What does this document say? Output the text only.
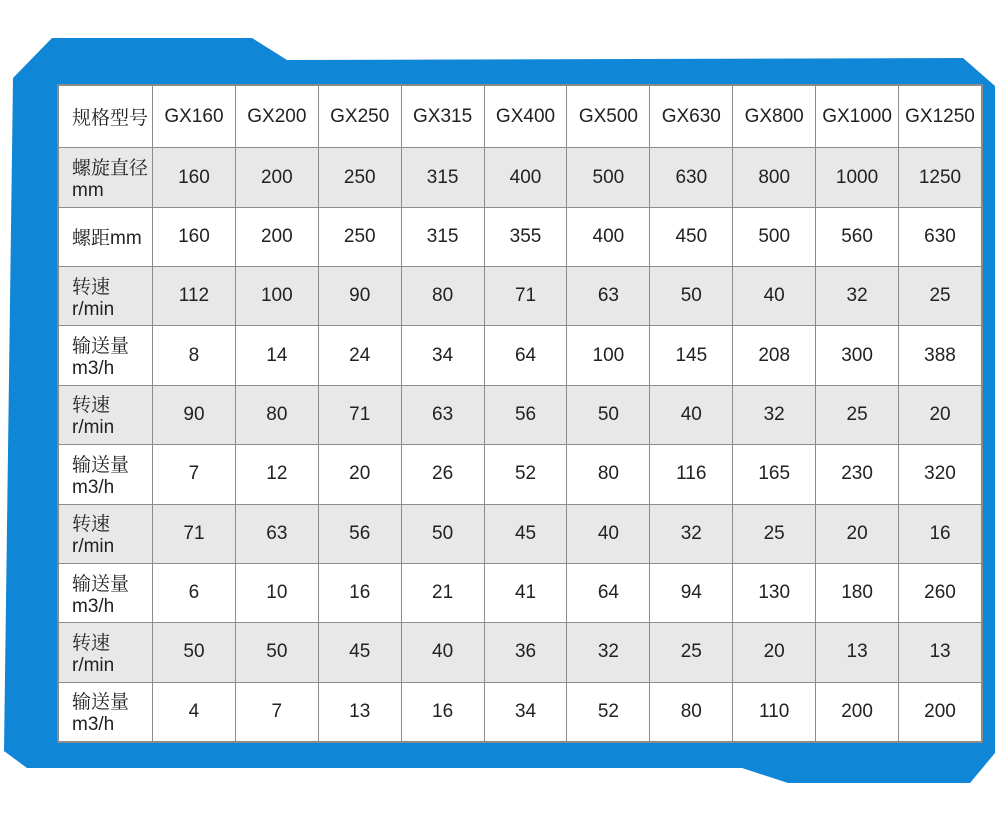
规格型号	GX160	GX200	GX250	GX315	GX400	GX500	GX630	GX800	GX1000	GX1250
螺旋直径mm	160	200	250	315	400	500	630	800	1000	1250
螺距mm	160	200	250	315	355	400	450	500	560	630
转速r/min	112	100	90	80	71	63	50	40	32	25
输送量m3/h	8	14	24	34	64	100	145	208	300	388
转速r/min	90	80	71	63	56	50	40	32	25	20
输送量m3/h	7	12	20	26	52	80	116	165	230	320
转速r/min	71	63	56	50	45	40	32	25	20	16
输送量m3/h	6	10	16	21	41	64	94	130	180	260
转速r/min	50	50	45	40	36	32	25	20	13	13
输送量m3/h	4	7	13	16	34	52	80	110	200	200
